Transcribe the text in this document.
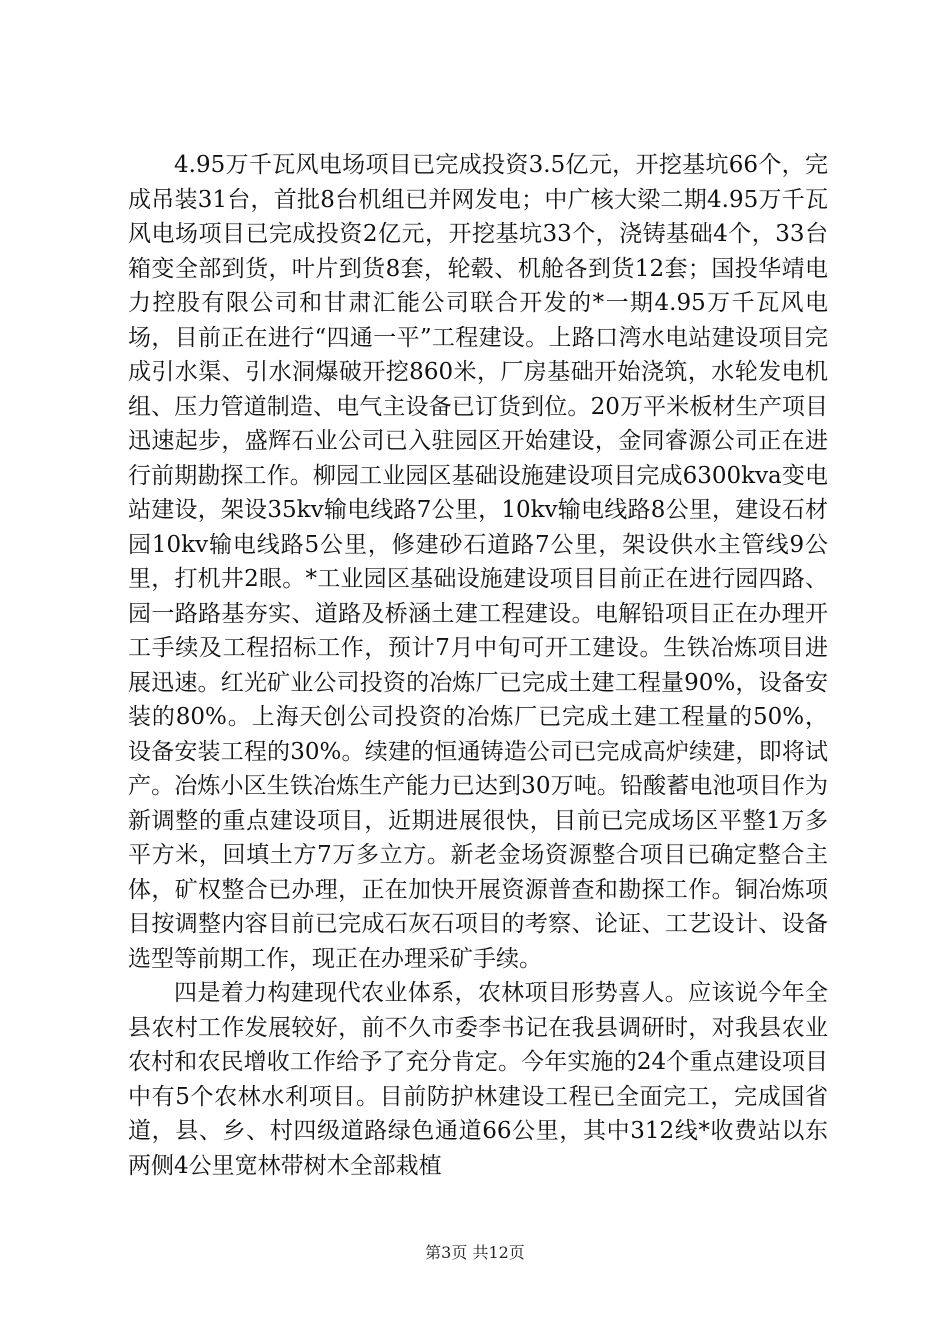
4.95万千瓦风电场项目已完成投资3.5亿元，开挖基坑66个，完成吊装31台，首批8台机组已并网发电；中广核大梁二期4.95万千瓦风电场项目已完成投资2亿元，开挖基坑33个，浇铸基础4个，33台箱变全部到货，叶片到货8套，轮毂、机舱各到货12套；国投华靖电力控股有限公司和甘肃汇能公司联合开发的*一期4.95万千瓦风电场，目前正在进行“四通一平”工程建设。上路口湾水电站建设项目完成引水渠、引水洞爆破开挖860米，厂房基础开始浇筑，水轮发电机组、压力管道制造、电气主设备已订货到位。20万平米板材生产项目迅速起步，盛辉石业公司已入驻园区开始建设，金同睿源公司正在进行前期勘探工作。柳园工业园区基础设施建设项目完成6300kva变电站建设，架设35kv输电线路7公里，10kv输电线路8公里，建设石材园10kv输电线路5公里，修建砂石道路7公里，架设供水主管线9公里，打机井2眼。*工业园区基础设施建设项目目前正在进行园四路、园一路路基夯实、道路及桥涵土建工程建设。电解铅项目正在办理开工手续及工程招标工作，预计7月中旬可开工建设。生铁冶炼项目进展迅速。红光矿业公司投资的冶炼厂已完成土建工程量90%，设备安装的80%。上海天创公司投资的冶炼厂已完成土建工程量的50%，设备安装工程的30%。续建的恒通铸造公司已完成高炉续建，即将试产。冶炼小区生铁冶炼生产能力已达到30万吨。铅酸蓄电池项目作为新调整的重点建设项目，近期进展很快，目前已完成场区平整1万多平方米，回填土方7万多立方。新老金场资源整合项目已确定整合主体，矿权整合已办理，正在加快开展资源普查和勘探工作。铜冶炼项目按调整内容目前已完成石灰石项目的考察、论证、工艺设计、设备选型等前期工作，现正在办理采矿手续。

四是着力构建现代农业体系，农林项目形势喜人。应该说今年全县农村工作发展较好，前不久市委李书记在我县调研时，对我县农业农村和农民增收工作给予了充分肯定。今年实施的24个重点建设项目中有5个农林水利项目。目前防护林建设工程已全面完工，完成国省道，县、乡、村四级道路绿色通道66公里，其中312线*收费站以东两侧4公里宽林带树木全部栽植

第3页 共12页
